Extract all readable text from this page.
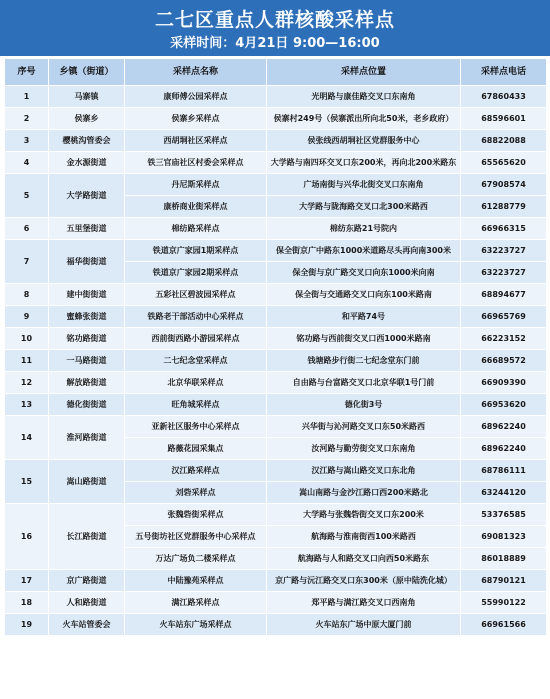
二七区重点人群核酸采样点
采样时间：4月21日 9:00—16:00
序号	乡镇（街道）	采样点名称	采样点位置	采样点电话
1	马寨镇	康师傅公园采样点	光明路与康佳路交叉口东南角	67860433
2	侯寨乡	侯寨乡采样点	侯寨村249号（侯寨派出所向北50米，老乡政府）	68596601
3	樱桃沟管委会	西胡垌社区采样点	侯张线西胡垌社区党群服务中心	68822088
4	金水源街道	铁三官庙社区村委会采样点	大学路与南四环交叉口东200米，再向北200米路东	65565620
5	大学路街道	丹尼斯采样点	广场南街与兴华北街交叉口东南角	67908574
		康桥商业街采样点	大学路与陇海路交叉口北300米路西	61288779
6	五里堡街道	棉纺路采样点	棉纺东路21号院内	66966315
7	福华街街道	铁道京广家园1期采样点	保全街京广中路东1000米道路尽头再向南300米	63223727
		铁道京广家园2期采样点	保全街与京广路交叉口向东1000米向南	63223727
8	建中街街道	五彩社区碧波园采样点	保全街与交通路交叉口向东100米路南	68894677
9	蜜蜂张街道	铁路老干部活动中心采样点	和平路74号	66965769
10	铭功路街道	西前街西路小游园采样点	铭功路与西前街交叉口西1000米路南	66223152
11	一马路街道	二七纪念堂采样点	钱塘路步行街二七纪念堂东门前	66689572
12	解放路街道	北京华联采样点	自由路与台富路交叉口北京华联1号门前	66909390
13	德化街街道	旺角城采样点	德化街3号	66953620
14	淮河路街道	亚新社区服务中心采样点	兴华街与沁河路交叉口东50米路西	68962240
		路薇花园采集点	汝河路与勤劳街交叉口东南角	68962240
15	嵩山路街道	汉江路采样点	汉江路与嵩山路交叉口东北角	68786111
		刘砦采样点	嵩山南路与金沙江路口西200米路北	63244120
16	长江路街道	张魏砦街采样点	大学路与张魏砦街交叉口东200米	53376585
		五号街坊社区党群服务中心采样点	航海路与淮南街西100米路西	69081323
		万达广场负二楼采样点	航海路与人和路交叉口向西50米路东	86018889
17	京广路街道	中陆豫苑采样点	京广路与沅江路交叉口东300米（原中陆洗化城）	68790121
18	人和路街道	满江路采样点	郑平路与满江路交叉口西南角	55990122
19	火车站管委会	火车站东广场采样点	火车站东广场中原大厦门前	66961566
